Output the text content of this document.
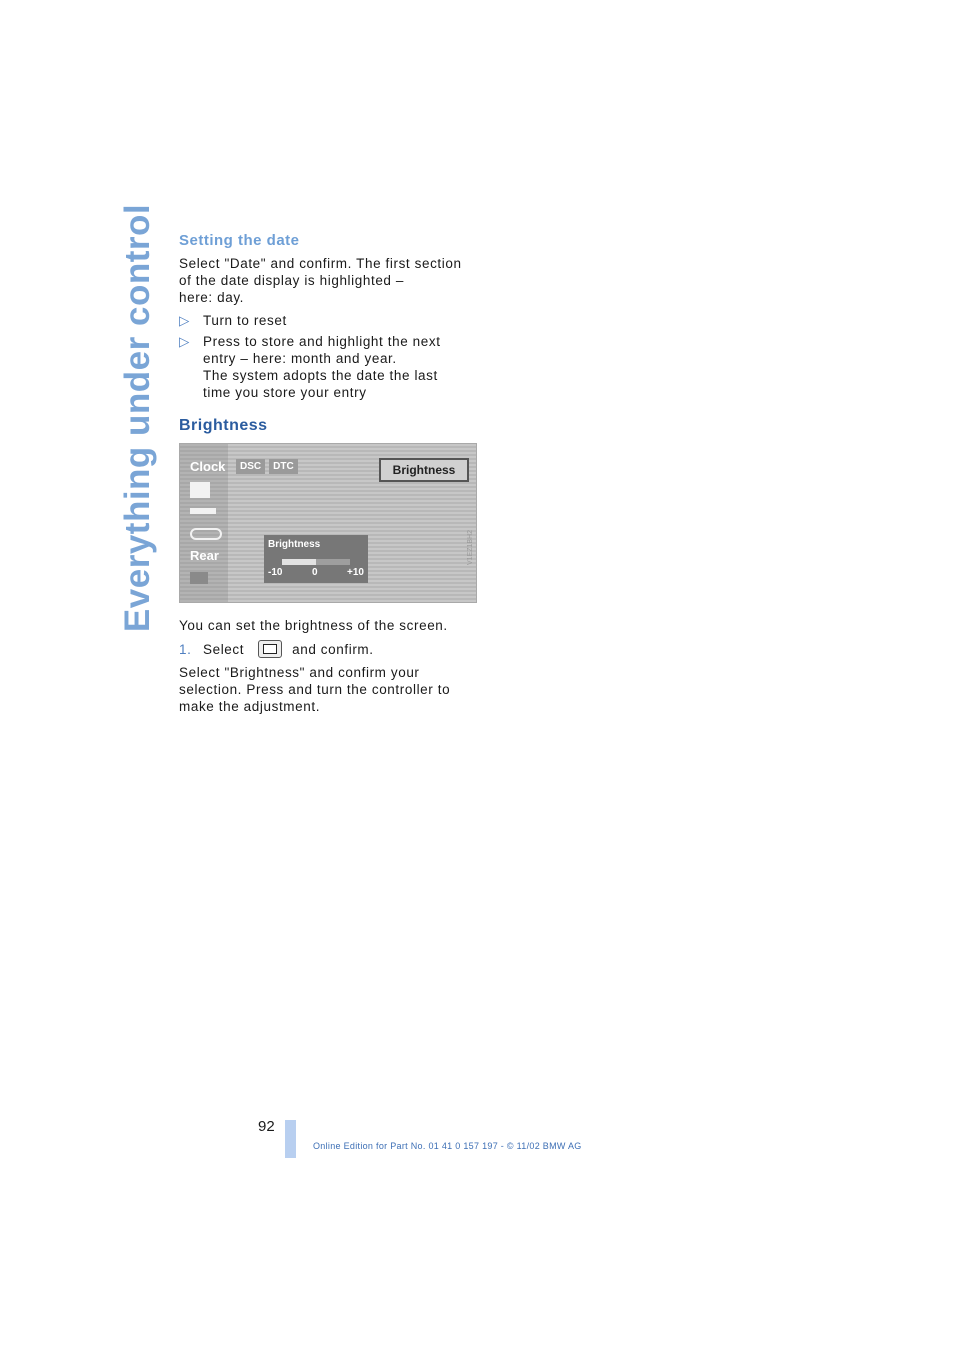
Everything under control Setting the date

Select "Date" and confirm. The first section
of the date display is highlighted –
here: day.

▷ Turn to reset
▷ Press to store and highlight the next
entry – here: month and year.
The system adopts the date the last
time you store your entry
Brightness
Clock
Rear
DSC	DTC	Brightness
Brightness
-10	0	+10
V1EZ1BH2

You can set the brightness of the screen.

1. Select	and confirm.

Select "Brightness" and confirm your
selection. Press and turn the controller to
make the adjustment.

92
Online Edition for Part No. 01 41 0 157 197 - © 11/02 BMW AG
